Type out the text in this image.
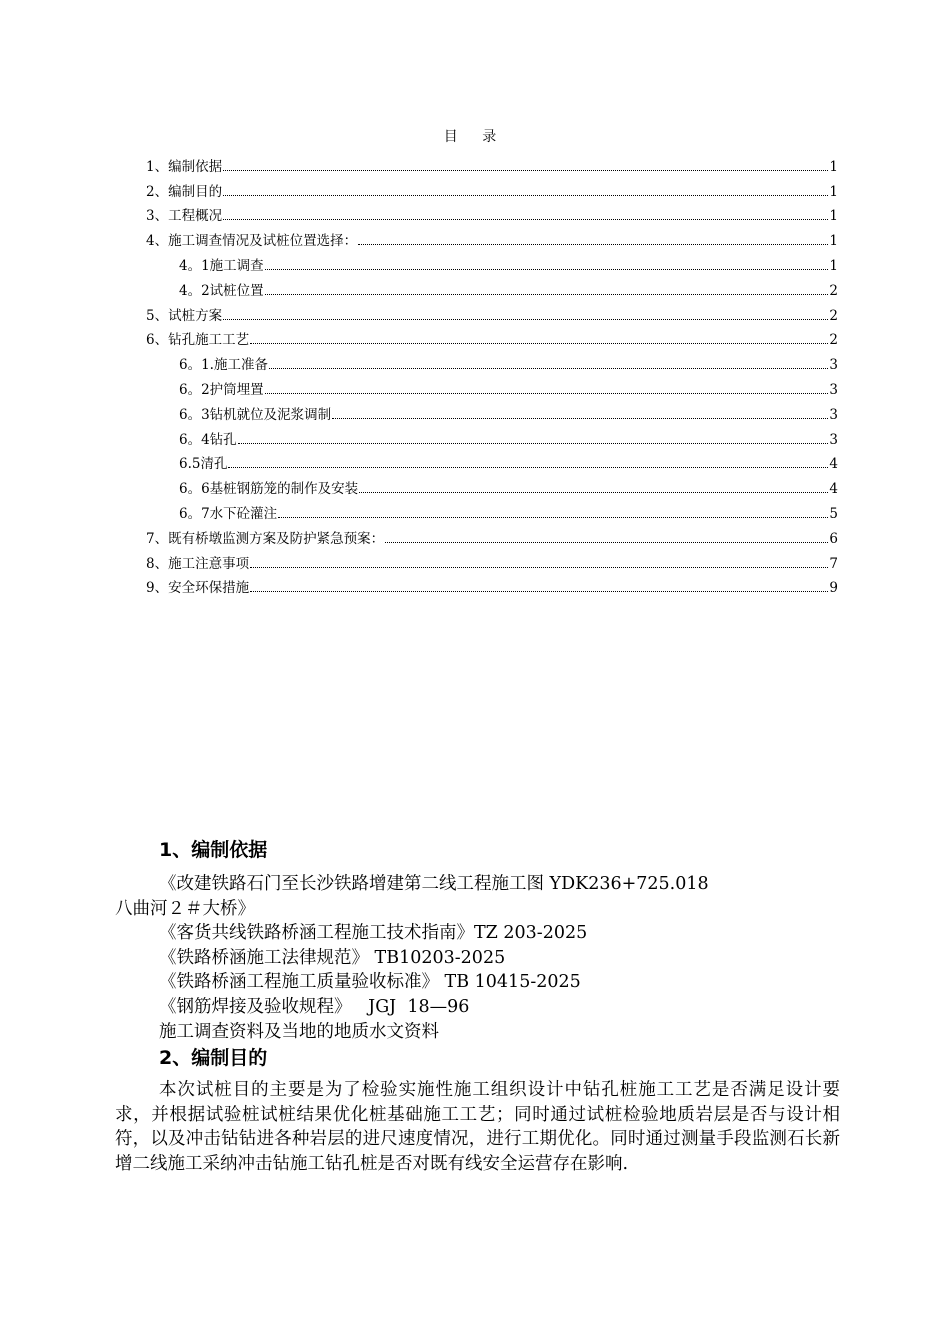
目 录
1、编制依据	1
2、编制目的	1
3、工程概况	1
4、施工调查情况及试桩位置选择：	1
4。1施工调查	1
4。2试桩位置	2
5、试桩方案	2
6、钻孔施工工艺	2
6。1.施工准备	3
6。2护筒埋置	3
6。3钻机就位及泥浆调制	3
6。4钻孔	3
6.5清孔	4
6。6基桩钢筋笼的制作及安装	4
6。7水下砼灌注	5
7、既有桥墩监测方案及防护紧急预案：	6
8、施工注意事项	7
9、安全环保措施	9
1、编制依据
《改建铁路石门至长沙铁路增建第二线工程施工图 YDK236+725.018
八曲河２＃大桥》
《客货共线铁路桥涵工程施工技术指南》TZ 203-2025
《铁路桥涵施工法律规范》 TB10203-2025
《铁路桥涵工程施工质量验收标准》 TB 10415-2025
《钢筋焊接及验收规程》   JGJ  18—96
施工调查资料及当地的地质水文资料
2、编制目的
本次试桩目的主要是为了检验实施性施工组织设计中钻孔桩施工工艺是否满足设计要求，并根据试验桩试桩结果优化桩基础施工工艺；同时通过试桩检验地质岩层是否与设计相符，以及冲击钻钻进各种岩层的进尺速度情况，进行工期优化。同时通过测量手段监测石长新增二线施工采纳冲击钻施工钻孔桩是否对既有线安全运营存在影响.
